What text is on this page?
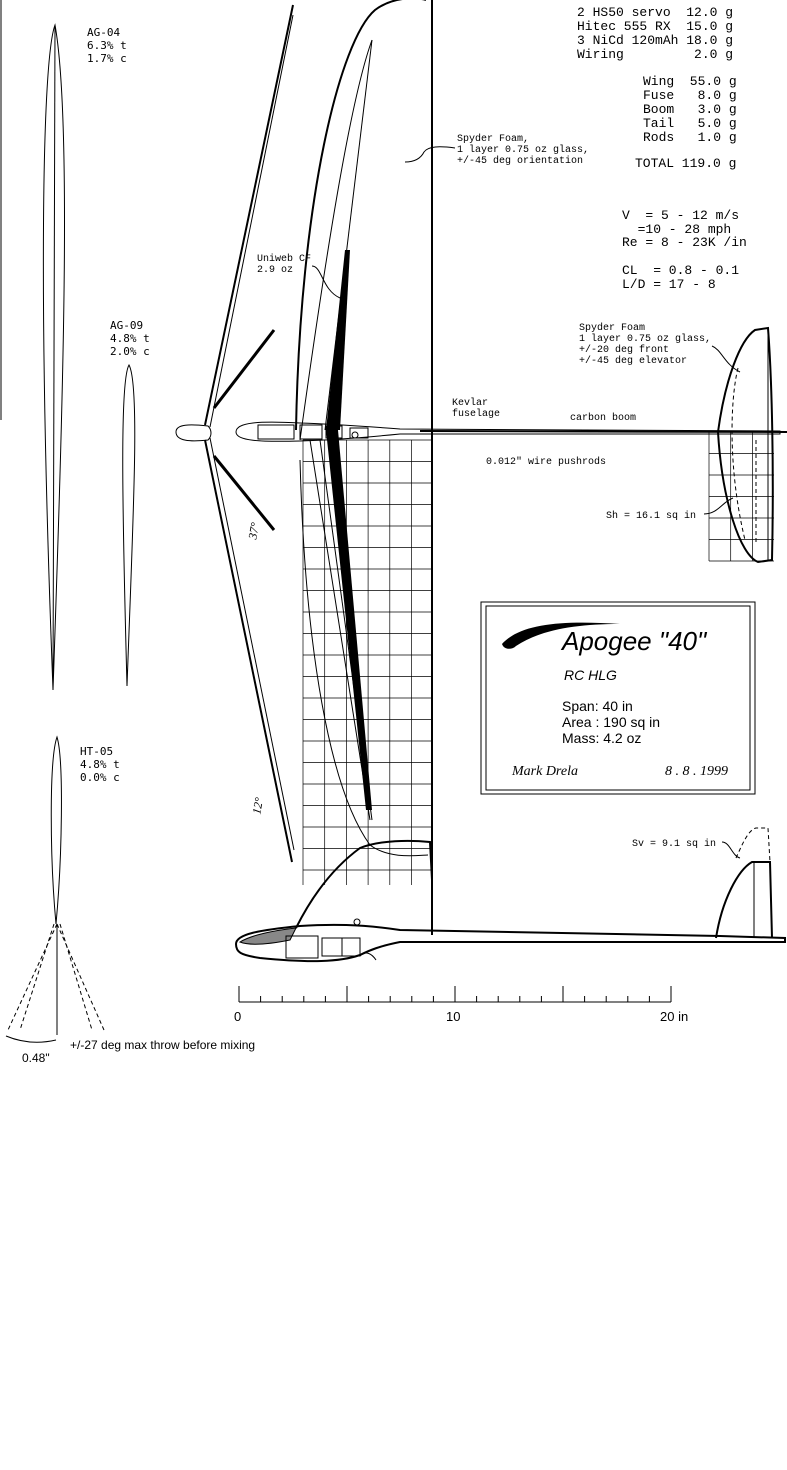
AG-04
6.3% t
1.7% c
AG-09
4.8% t
2.0% c
HT-05
4.8% t
0.0% c
0.48"
+/-27 deg max throw before mixing
37°
12°
0	10	20 in
2 HS50 servo  12.0 g
Hitec 555 RX  15.0 g
3 NiCd 120mAh 18.0 g
Wiring         2.0 g
Wing  55.0 g
Fuse   8.0 g
Boom   3.0 g
Tail   5.0 g
Rods   1.0 g
TOTAL 119.0 g
V  = 5 - 12 m/s
=10 - 28 mph
Re = 8 - 23K /in
CL  = 0.8 - 0.1
L/D = 17 - 8
Spyder Foam,
1 layer 0.75 oz glass,
+/-45 deg orientation
Uniweb CF
2.9 oz
Spyder Foam
1 layer 0.75 oz glass,
+/-20 deg front
+/-45 deg elevator
Kevlar
fuselage	carbon boom
0.012" wire pushrods
Sh = 16.1 sq in
Sv = 9.1 sq in
Apogee "40"
RC HLG
Span: 40 in
Area : 190 sq in
Mass: 4.2 oz
Mark Drela	8 . 8 . 1999
